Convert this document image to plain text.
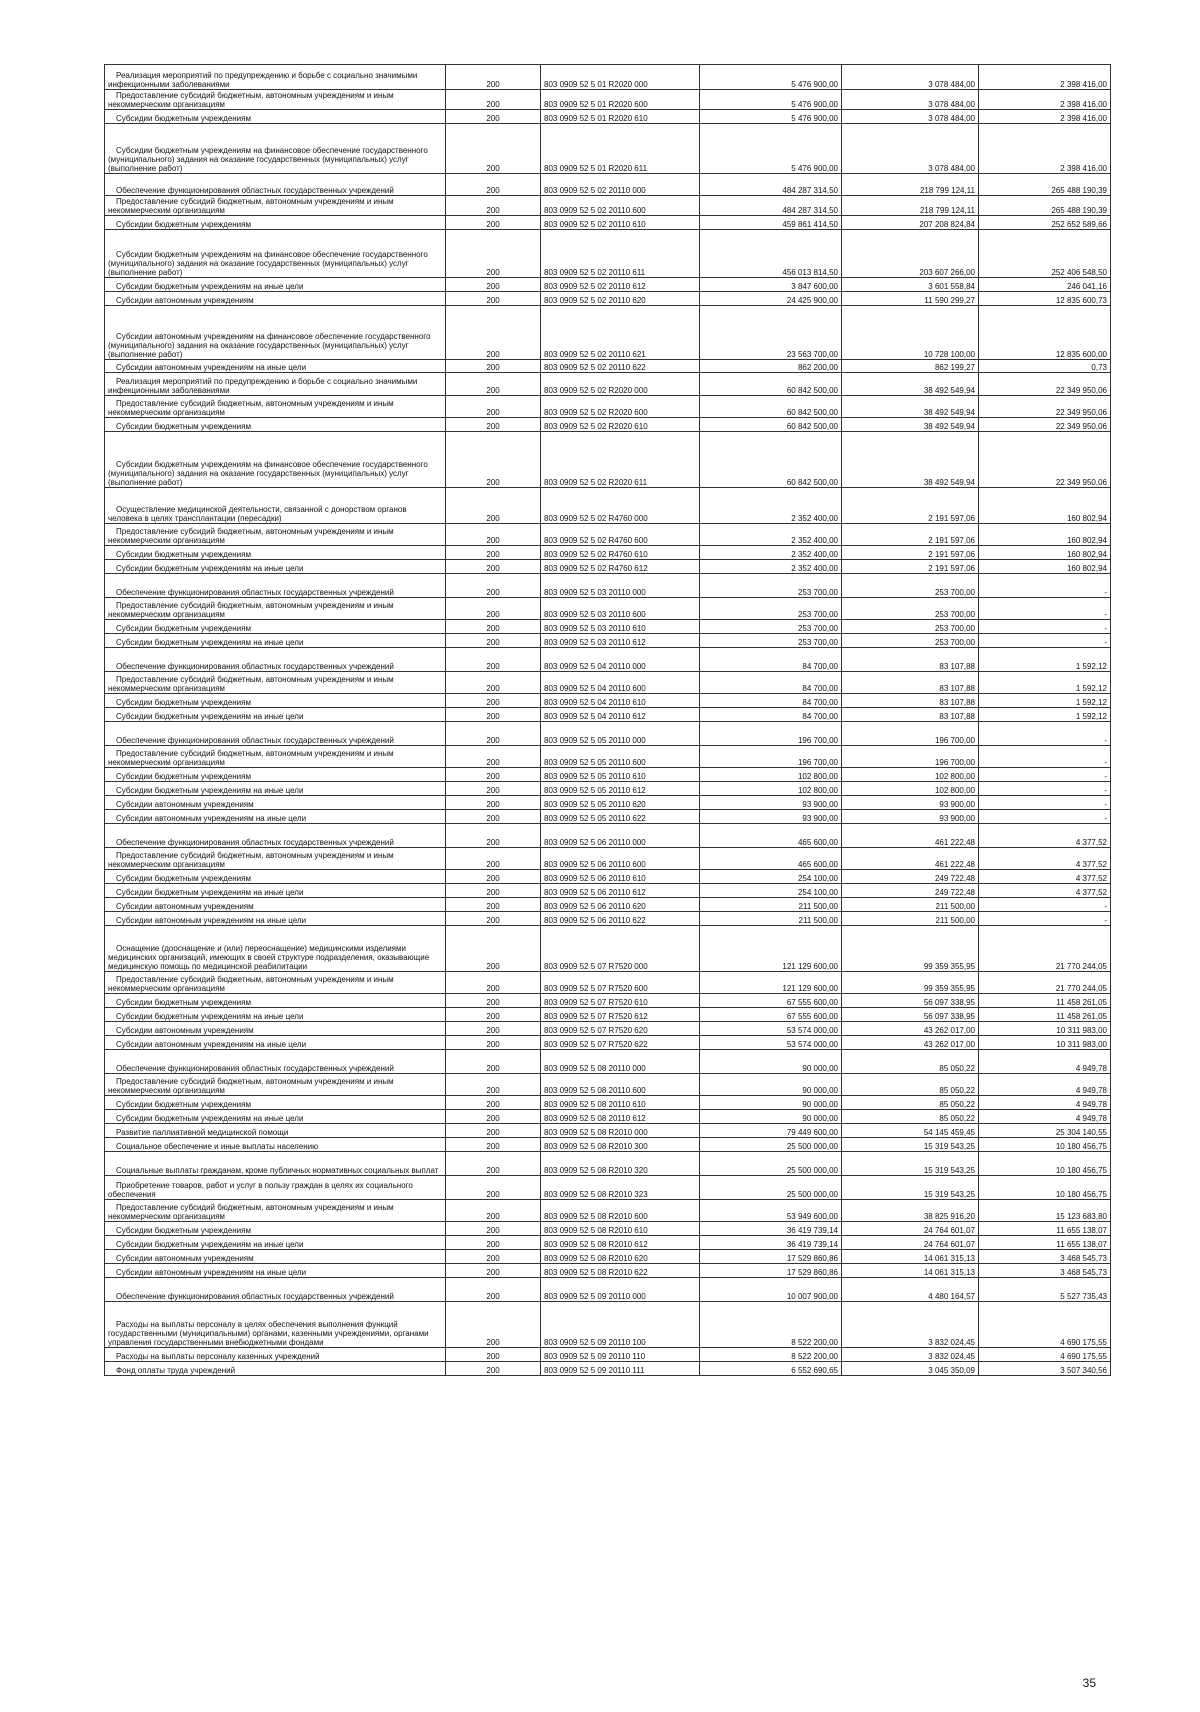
Реализация мероприятий по предупреждению и борьбе с социально значимыми инфекционными заболеваниями	200	803 0909 52 5 01 R2020 000	5 476 900,00	3 078 484,00	2 398 416,00

Предоставление субсидий бюджетным, автономным учреждениям и иным некоммерческим организациям	200	803 0909 52 5 01 R2020 600	5 476 900,00	3 078 484,00	2 398 416,00

Субсидии бюджетным учреждениям	200	803 0909 52 5 01 R2020 610	5 476 900,00	3 078 484,00	2 398 416,00

Субсидии бюджетным учреждениям на финансовое обеспечение государственного (муниципального) задания на оказание государственных (муниципальных) услуг (выполнение работ)	200	803 0909 52 5 01 R2020 611	5 476 900,00	3 078 484,00	2 398 416,00

Обеспечение функционирования областных государственных учреждений	200	803 0909 52 5 02 20110 000	484 287 314,50	218 799 124,11	265 488 190,39

Предоставление субсидий бюджетным, автономным учреждениям и иным некоммерческим организациям	200	803 0909 52 5 02 20110 600	484 287 314,50	218 799 124,11	265 488 190,39

Субсидии бюджетным учреждениям	200	803 0909 52 5 02 20110 610	459 861 414,50	207 208 824,84	252 652 589,66

Субсидии бюджетным учреждениям на финансовое обеспечение государственного (муниципального) задания на оказание государственных (муниципальных) услуг (выполнение работ)	200	803 0909 52 5 02 20110 611	456 013 814,50	203 607 266,00	252 406 548,50

Субсидии бюджетным учреждениям на иные цели	200	803 0909 52 5 02 20110 612	3 847 600,00	3 601 558,84	246 041,16

Субсидии автономным учреждениям	200	803 0909 52 5 02 20110 620	24 425 900,00	11 590 299,27	12 835 600,73

Субсидии автономным учреждениям на финансовое обеспечение государственного (муниципального) задания на оказание государственных (муниципальных) услуг (выполнение работ)	200	803 0909 52 5 02 20110 621	23 563 700,00	10 728 100,00	12 835 600,00

Субсидии автономным учреждениям на иные цели	200	803 0909 52 5 02 20110 622	862 200,00	862 199,27	0,73

Реализация мероприятий по предупреждению и борьбе с социально значимыми инфекционными заболеваниями	200	803 0909 52 5 02 R2020 000	60 842 500,00	38 492 549,94	22 349 950,06

Предоставление субсидий бюджетным, автономным учреждениям и иным некоммерческим организациям	200	803 0909 52 5 02 R2020 600	60 842 500,00	38 492 549,94	22 349 950,06

Субсидии бюджетным учреждениям	200	803 0909 52 5 02 R2020 610	60 842 500,00	38 492 549,94	22 349 950,06

Субсидии бюджетным учреждениям на финансовое обеспечение государственного (муниципального) задания на оказание государственных (муниципальных) услуг (выполнение работ)	200	803 0909 52 5 02 R2020 611	60 842 500,00	38 492 549,94	22 349 950,06

Осуществление медицинской деятельности, связанной с донорством органов человека в целях трансплантации (пересадки)	200	803 0909 52 5 02 R4760 000	2 352 400,00	2 191 597,06	160 802,94

Предоставление субсидий бюджетным, автономным учреждениям и иным некоммерческим организациям	200	803 0909 52 5 02 R4760 600	2 352 400,00	2 191 597,06	160 802,94

Субсидии бюджетным учреждениям	200	803 0909 52 5 02 R4760 610	2 352 400,00	2 191 597,06	160 802,94

Субсидии бюджетным учреждениям на иные цели	200	803 0909 52 5 02 R4760 612	2 352 400,00	2 191 597,06	160 802,94

Обеспечение функционирования областных государственных учреждений	200	803 0909 52 5 03 20110 000	253 700,00	253 700,00	-

Предоставление субсидий бюджетным, автономным учреждениям и иным некоммерческим организациям	200	803 0909 52 5 03 20110 600	253 700,00	253 700,00	-

Субсидии бюджетным учреждениям	200	803 0909 52 5 03 20110 610	253 700,00	253 700,00	-

Субсидии бюджетным учреждениям на иные цели	200	803 0909 52 5 03 20110 612	253 700,00	253 700,00	-

Обеспечение функционирования областных государственных учреждений	200	803 0909 52 5 04 20110 000	84 700,00	83 107,88	1 592,12

Предоставление субсидий бюджетным, автономным учреждениям и иным некоммерческим организациям	200	803 0909 52 5 04 20110 600	84 700,00	83 107,88	1 592,12

Субсидии бюджетным учреждениям	200	803 0909 52 5 04 20110 610	84 700,00	83 107,88	1 592,12

Субсидии бюджетным учреждениям на иные цели	200	803 0909 52 5 04 20110 612	84 700,00	83 107,88	1 592,12

Обеспечение функционирования областных государственных учреждений	200	803 0909 52 5 05 20110 000	196 700,00	196 700,00	-

Предоставление субсидий бюджетным, автономным учреждениям и иным некоммерческим организациям	200	803 0909 52 5 05 20110 600	196 700,00	196 700,00	-

Субсидии бюджетным учреждениям	200	803 0909 52 5 05 20110 610	102 800,00	102 800,00	-

Субсидии бюджетным учреждениям на иные цели	200	803 0909 52 5 05 20110 612	102 800,00	102 800,00	-

Субсидии автономным учреждениям	200	803 0909 52 5 05 20110 620	93 900,00	93 900,00	-

Субсидии автономным учреждениям на иные цели	200	803 0909 52 5 05 20110 622	93 900,00	93 900,00	-

Обеспечение функционирования областных государственных учреждений	200	803 0909 52 5 06 20110 000	465 600,00	461 222,48	4 377,52

Предоставление субсидий бюджетным, автономным учреждениям и иным некоммерческим организациям	200	803 0909 52 5 06 20110 600	465 600,00	461 222,48	4 377,52

Субсидии бюджетным учреждениям	200	803 0909 52 5 06 20110 610	254 100,00	249 722,48	4 377,52

Субсидии бюджетным учреждениям на иные цели	200	803 0909 52 5 06 20110 612	254 100,00	249 722,48	4 377,52

Субсидии автономным учреждениям	200	803 0909 52 5 06 20110 620	211 500,00	211 500,00	-

Субсидии автономным учреждениям на иные цели	200	803 0909 52 5 06 20110 622	211 500,00	211 500,00	-

Оснащение (дооснащение и (или) переоснащение) медицинскими изделиями медицинских организаций, имеющих в своей структуре подразделения, оказывающие медицинскую помощь по медицинской реабилитации	200	803 0909 52 5 07 R7520 000	121 129 600,00	99 359 355,95	21 770 244,05

Предоставление субсидий бюджетным, автономным учреждениям и иным некоммерческим организациям	200	803 0909 52 5 07 R7520 600	121 129 600,00	99 359 355,95	21 770 244,05

Субсидии бюджетным учреждениям	200	803 0909 52 5 07 R7520 610	67 555 600,00	56 097 338,95	11 458 261,05

Субсидии бюджетным учреждениям на иные цели	200	803 0909 52 5 07 R7520 612	67 555 600,00	56 097 338,95	11 458 261,05

Субсидии автономным учреждениям	200	803 0909 52 5 07 R7520 620	53 574 000,00	43 262 017,00	10 311 983,00

Субсидии автономным учреждениям на иные цели	200	803 0909 52 5 07 R7520 622	53 574 000,00	43 262 017,00	10 311 983,00

Обеспечение функционирования областных государственных учреждений	200	803 0909 52 5 08 20110 000	90 000,00	85 050,22	4 949,78

Предоставление субсидий бюджетным, автономным учреждениям и иным некоммерческим организациям	200	803 0909 52 5 08 20110 600	90 000,00	85 050,22	4 949,78

Субсидии бюджетным учреждениям	200	803 0909 52 5 08 20110 610	90 000,00	85 050,22	4 949,78

Субсидии бюджетным учреждениям на иные цели	200	803 0909 52 5 08 20110 612	90 000,00	85 050,22	4 949,78

Развитие паллиативной медицинской помощи	200	803 0909 52 5 08 R2010 000	79 449 600,00	54 145 459,45	25 304 140,55

Социальное обеспечение и иные выплаты населению	200	803 0909 52 5 08 R2010 300	25 500 000,00	15 319 543,25	10 180 456,75

Социальные выплаты гражданам, кроме публичных нормативных социальных выплат	200	803 0909 52 5 08 R2010 320	25 500 000,00	15 319 543,25	10 180 456,75

Приобретение товаров, работ и услуг в пользу граждан в целях их социального обеспечения	200	803 0909 52 5 08 R2010 323	25 500 000,00	15 319 543,25	10 180 456,75

Предоставление субсидий бюджетным, автономным учреждениям и иным некоммерческим организациям	200	803 0909 52 5 08 R2010 600	53 949 600,00	38 825 916,20	15 123 683,80

Субсидии бюджетным учреждениям	200	803 0909 52 5 08 R2010 610	36 419 739,14	24 764 601,07	11 655 138,07

Субсидии бюджетным учреждениям на иные цели	200	803 0909 52 5 08 R2010 612	36 419 739,14	24 764 601,07	11 655 138,07

Субсидии автономным учреждениям	200	803 0909 52 5 08 R2010 620	17 529 860,86	14 061 315,13	3 468 545,73

Субсидии автономным учреждениям на иные цели	200	803 0909 52 5 08 R2010 622	17 529 860,86	14 061 315,13	3 468 545,73

Обеспечение функционирования областных государственных учреждений	200	803 0909 52 5 09 20110 000	10 007 900,00	4 480 164,57	5 527 735,43

Расходы на выплаты персоналу в целях обеспечения выполнения функций государственными (муниципальными) органами, казенными учреждениями, органами управления государственными внебюджетными фондами	200	803 0909 52 5 09 20110 100	8 522 200,00	3 832 024,45	4 690 175,55

Расходы на выплаты персоналу казенных учреждений	200	803 0909 52 5 09 20110 110	8 522 200,00	3 832 024,45	4 690 175,55

Фонд оплаты труда учреждений	200	803 0909 52 5 09 20110 111	6 552 690,65	3 045 350,09	3 507 340,56
35
